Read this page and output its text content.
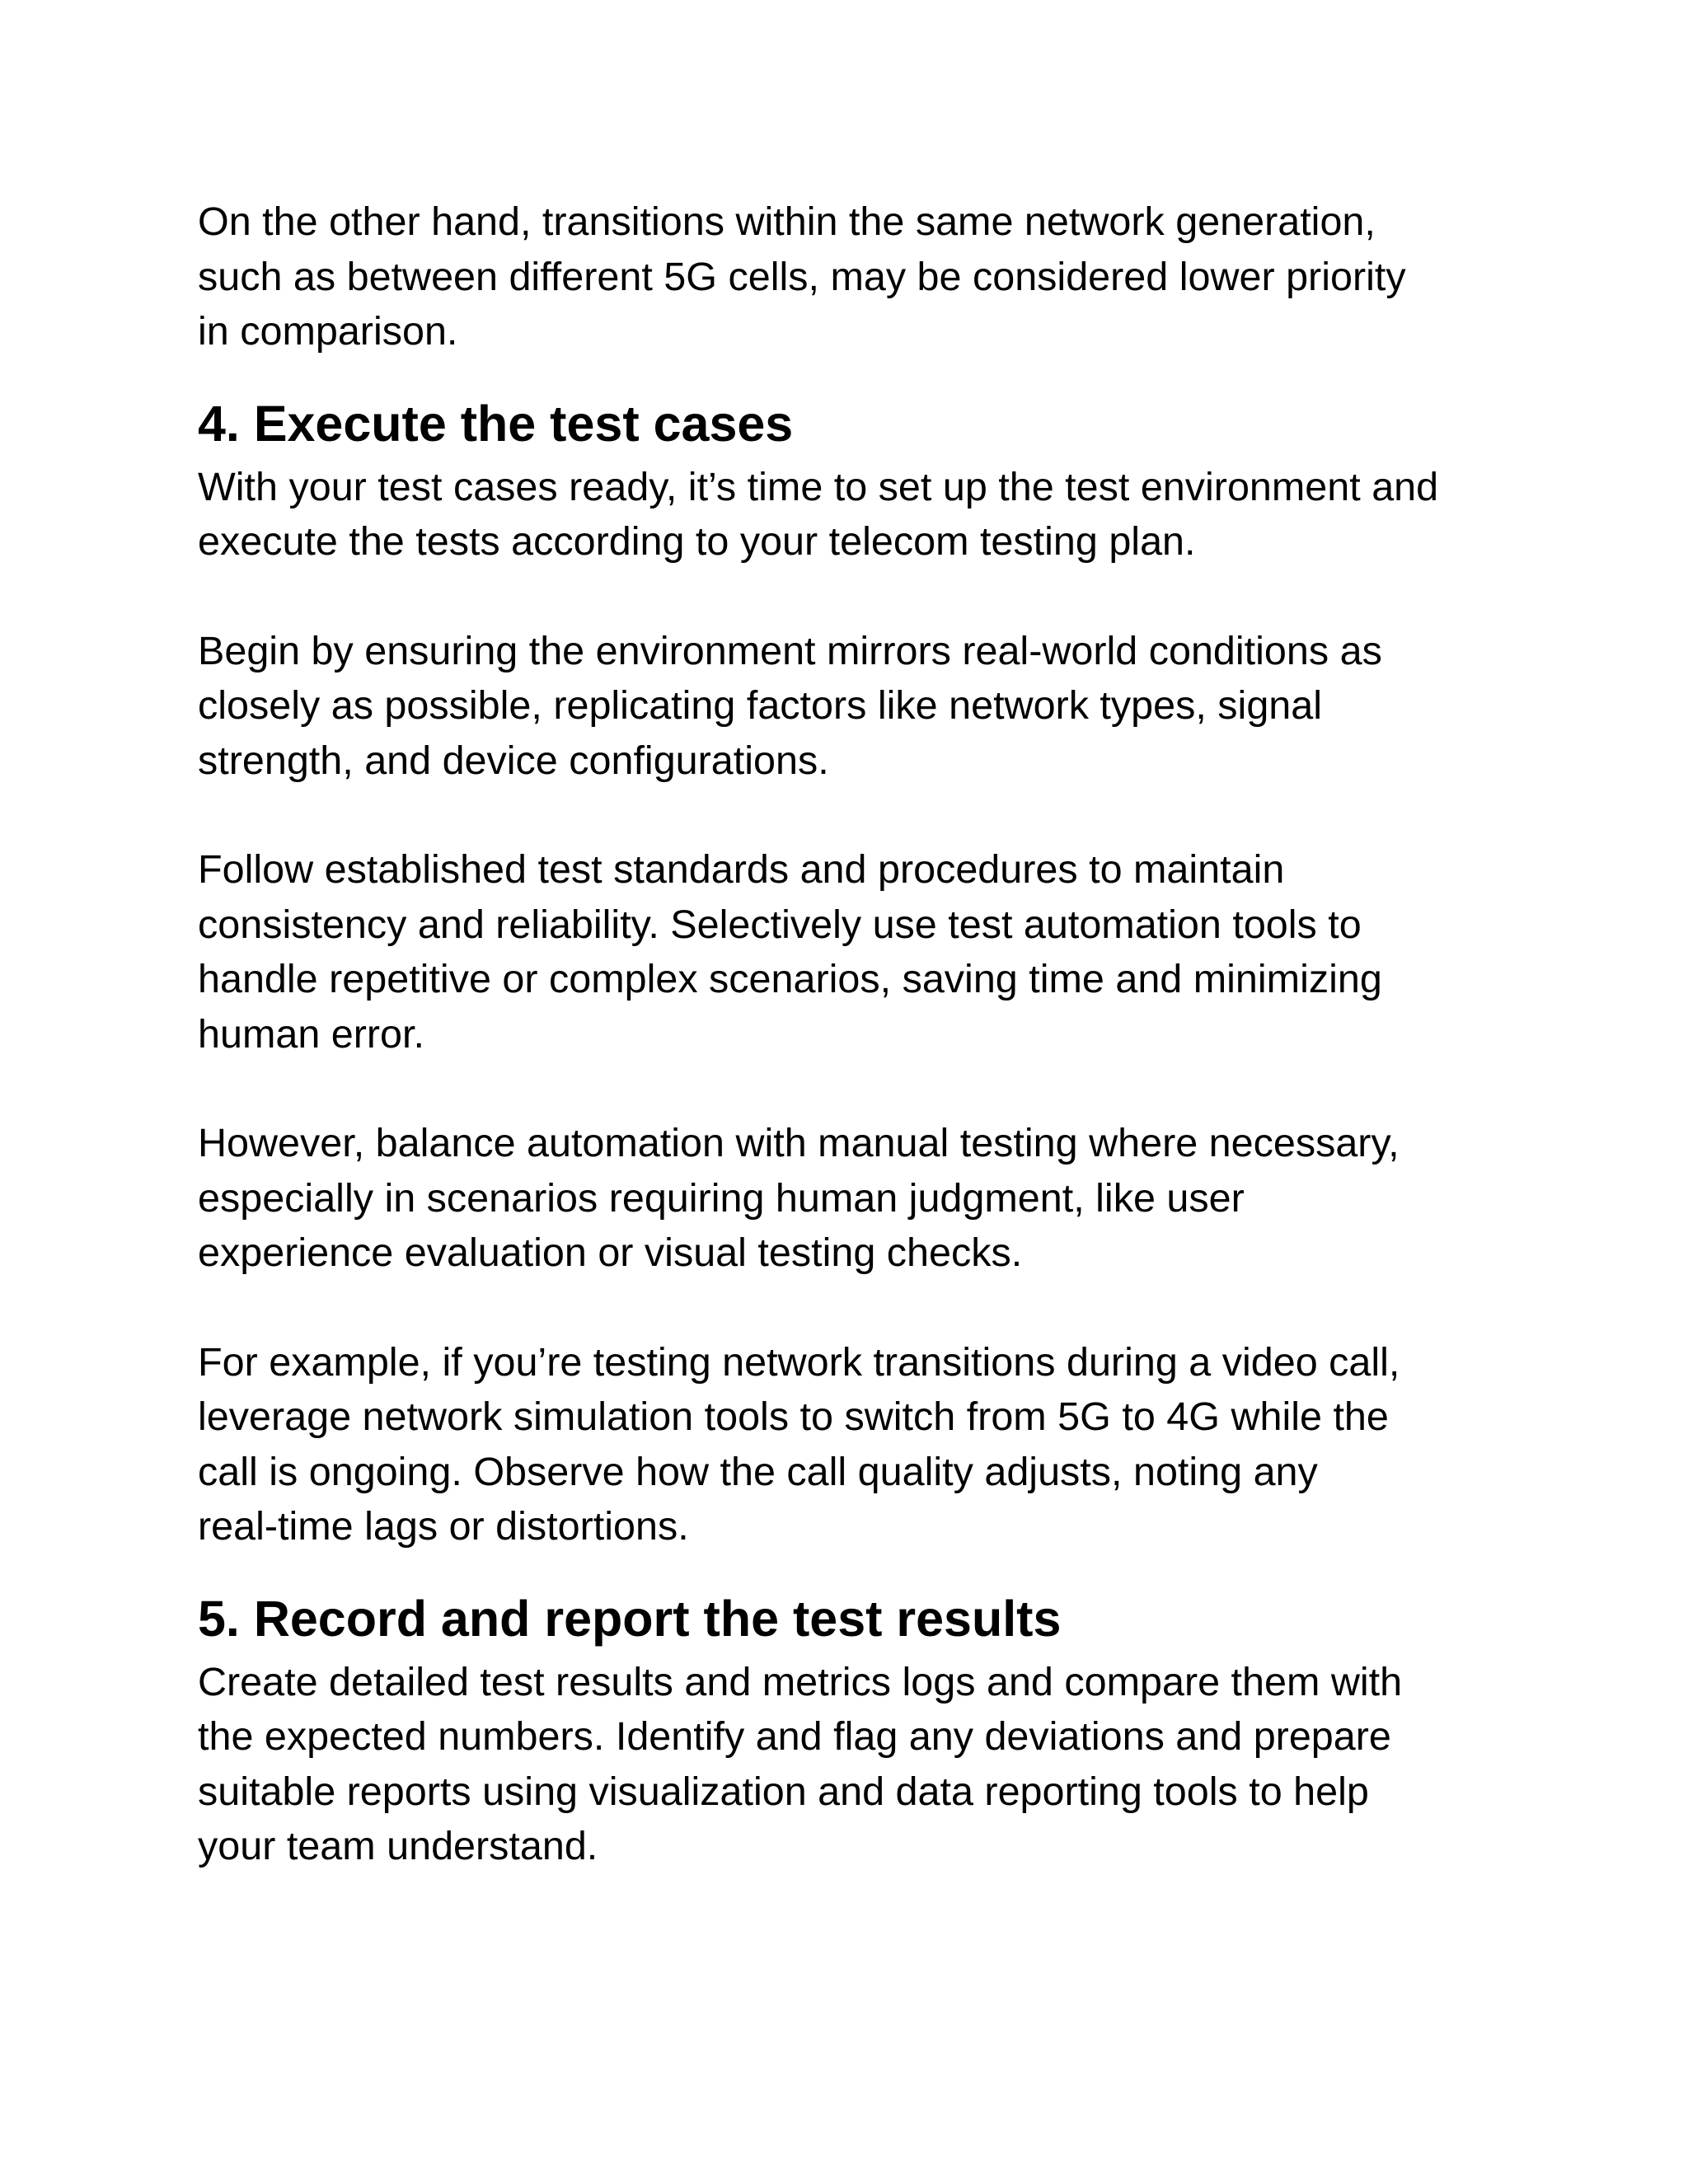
On the other hand, transitions within the same network generation,
such as between different 5G cells, may be considered lower priority
in comparison.

4. Execute the test cases

With your test cases ready, it’s time to set up the test environment and
execute the tests according to your telecom testing plan.

Begin by ensuring the environment mirrors real-world conditions as
closely as possible, replicating factors like network types, signal
strength, and device configurations.

Follow established test standards and procedures to maintain
consistency and reliability. Selectively use test automation tools to
handle repetitive or complex scenarios, saving time and minimizing
human error.

However, balance automation with manual testing where necessary,
especially in scenarios requiring human judgment, like user
experience evaluation or visual testing checks.

For example, if you’re testing network transitions during a video call,
leverage network simulation tools to switch from 5G to 4G while the
call is ongoing. Observe how the call quality adjusts, noting any
real-time lags or distortions.

5. Record and report the test results

Create detailed test results and metrics logs and compare them with
the expected numbers. Identify and flag any deviations and prepare
suitable reports using visualization and data reporting tools to help
your team understand.
